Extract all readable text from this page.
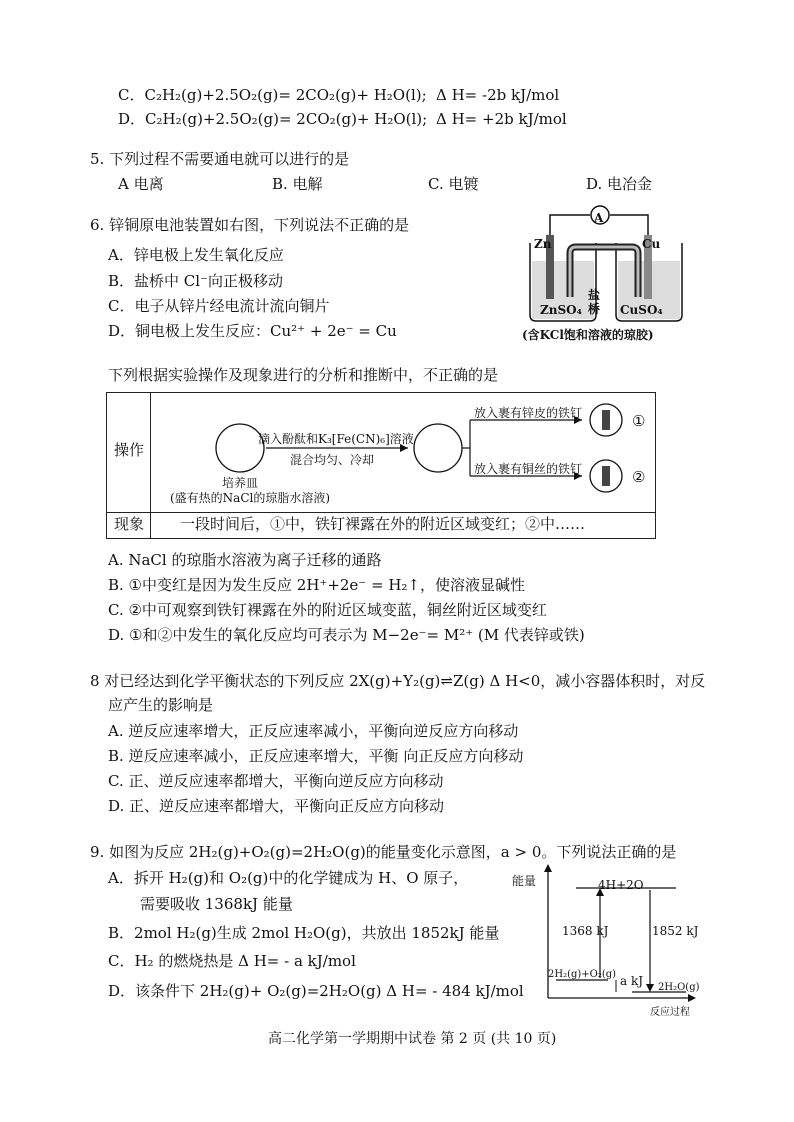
C．C₂H₂(g)+2.5O₂(g)= 2CO₂(g)+ H₂O(l); Δ H= -2b kJ/mol
D．C₂H₂(g)+2.5O₂(g)= 2CO₂(g)+ H₂O(l); Δ H= +2b kJ/mol
5. 下列过程不需要通电就可以进行的是
A 电离	B. 电解	C. 电镀	D. 电冶金
6. 锌铜原电池装置如右图，下列说法不正确的是
A．锌电极上发生氧化反应
B．盐桥中 Cl⁻向正极移动
C．电子从锌片经电流计流向铜片
D．铜电极上发生反应：Cu²⁺ + 2e⁻ = Cu
A
Zn	Cu
ZnSO₄	CuSO₄
盐桥
(含KCl饱和溶液的琼胶)
下列根据实验操作及现象进行的分析和推断中，不正确的是
操作
现象 一段时间后，①中，铁钉裸露在外的附近区域变红；②中……
培养皿
(盛有热的NaCl的琼脂水溶液)
滴入酚酞和K₃[Fe(CN)₆]溶液
混合均匀、冷却
放入裹有锌皮的铁钉
放入裹有铜丝的铁钉
①
②
A. NaCl 的琼脂水溶液为离子迁移的通路
B. ①中变红是因为发生反应 2H⁺+2e⁻ = H₂↑，使溶液显碱性
C. ②中可观察到铁钉裸露在外的附近区域变蓝，铜丝附近区域变红
D. ①和②中发生的氧化反应均可表示为 M−2e⁻= M²⁺ (M 代表锌或铁)
8 对已经达到化学平衡状态的下列反应 2X(g)+Y₂(g)⇌Z(g) Δ H<0，减小容器体积时，对反
应产生的影响是
A. 逆反应速率增大，正反应速率减小，平衡向逆反应方向移动
B. 逆反应速率减小，正反应速率增大，平衡 向正反应方向移动
C. 正、逆反应速率都增大，平衡向逆反应方向移动
D. 正、逆反应速率都增大，平衡向正反应方向移动
9. 如图为反应 2H₂(g)+O₂(g)=2H₂O(g)的能量变化示意图，a > 0。下列说法正确的是
A．拆开 H₂(g)和 O₂(g)中的化学键成为 H、O 原子，
需要吸收 1368kJ 能量
B．2mol H₂(g)生成 2mol H₂O(g)，共放出 1852kJ 能量
C．H₂ 的燃烧热是 Δ H= - a kJ/mol
D．该条件下 2H₂(g)+ O₂(g)=2H₂O(g) Δ H= - 484 kJ/mol
能量	4H+2O
1368 kJ	1852 kJ
2H₂(g)+O₂(g) a kJ 2H₂O(g)
反应过程
高二化学第一学期期中试卷 第 2 页 (共 10 页)
